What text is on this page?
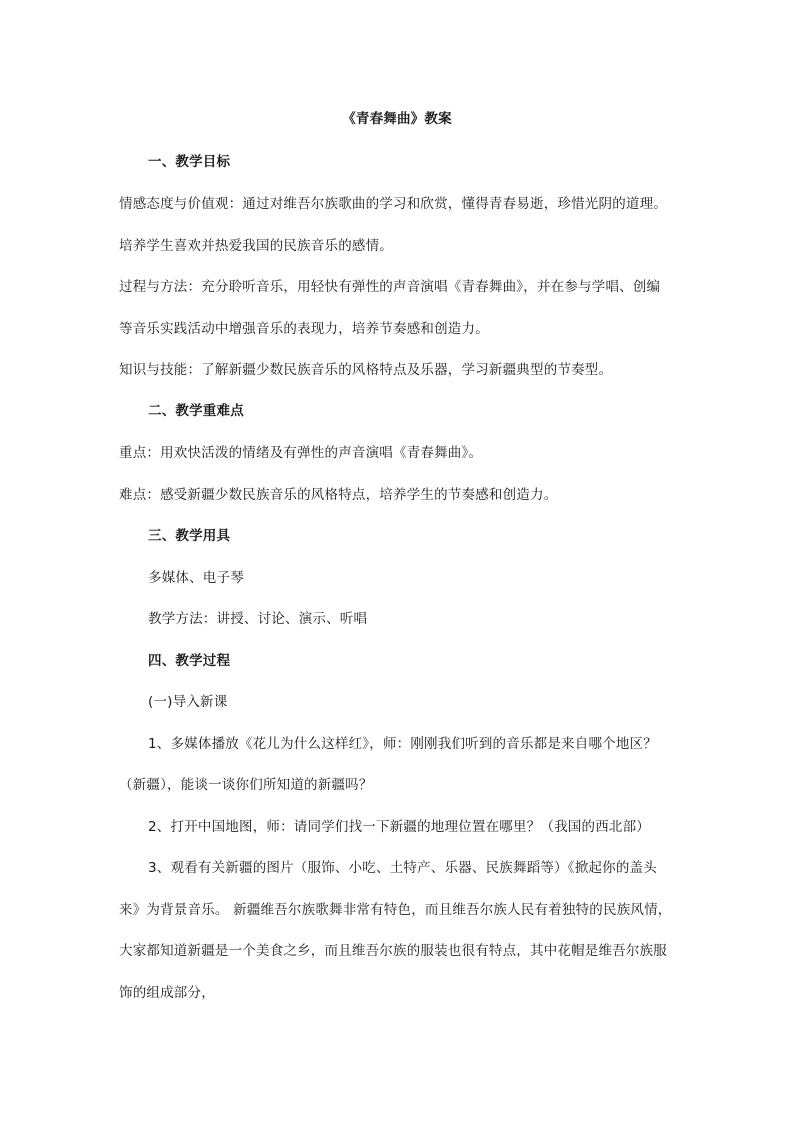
《青春舞曲》教案
一、教学目标
情感态度与价值观：通过对维吾尔族歌曲的学习和欣赏，懂得青春易逝，珍惜光阴的道理。
培养学生喜欢并热爱我国的民族音乐的感情。
过程与方法：充分聆听音乐，用轻快有弹性的声音演唱《青春舞曲》，并在参与学唱、创编
等音乐实践活动中增强音乐的表现力，培养节奏感和创造力。
知识与技能：了解新疆少数民族音乐的风格特点及乐器，学习新疆典型的节奏型。
二、教学重难点
重点：用欢快活泼的情绪及有弹性的声音演唱《青春舞曲》。
难点：感受新疆少数民族音乐的风格特点，培养学生的节奏感和创造力。
三、教学用具
多媒体、电子琴
教学方法：讲授、讨论、演示、听唱
四、教学过程
(一)导入新课
1、多媒体播放《花儿为什么这样红》，师：刚刚我们听到的音乐都是来自哪个地区？
（新疆），能谈一谈你们所知道的新疆吗？
2、打开中国地图，师：请同学们找一下新疆的地理位置在哪里？（我国的西北部）
3、观看有关新疆的图片（服饰、小吃、土特产、乐器、民族舞蹈等）《掀起你的盖头
来》为背景音乐。 新疆维吾尔族歌舞非常有特色，而且维吾尔族人民有着独特的民族风情，
大家都知道新疆是一个美食之乡，而且维吾尔族的服装也很有特点，其中花帽是维吾尔族服
饰的组成部分，
